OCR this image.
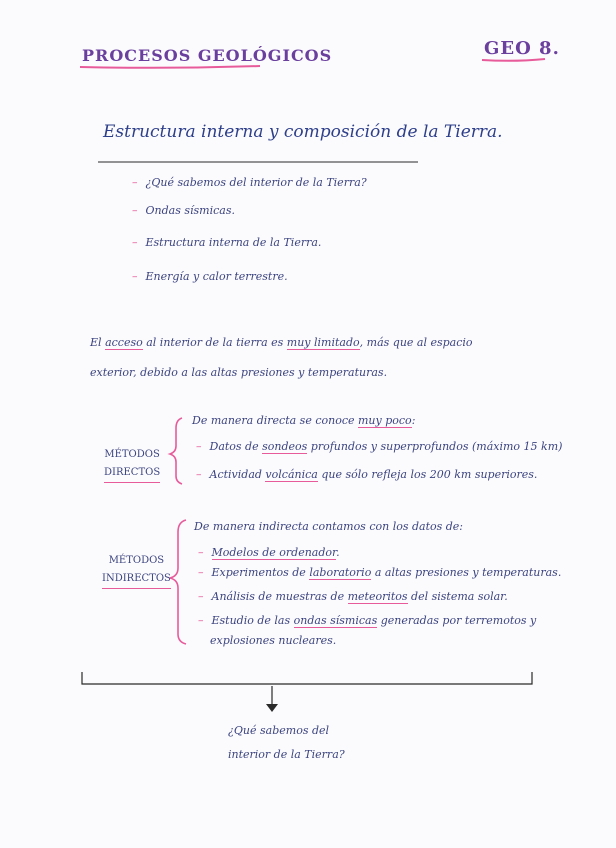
PROCESOS GEOLÓGICOS	GEO 8.
Estructura interna y composición de la Tierra.
– ¿Qué sabemos del interior de la Tierra?
– Ondas sísmicas.
– Estructura interna de la Tierra.
– Energía y calor terrestre.
El acceso al interior de la tierra es muy limitado, más que al espacio
exterior, debido a las altas presiones y temperaturas.
MÉTODOS
DIRECTOS
De manera directa se conoce muy poco:
– Datos de sondeos profundos y superprofundos (máximo 15 km)
– Actividad volcánica que sólo refleja los 200 km superiores.
MÉTODOS
INDIRECTOS
De manera indirecta contamos con los datos de:
– Modelos de ordenador.
– Experimentos de laboratorio a altas presiones y temperaturas.
– Análisis de muestras de meteoritos del sistema solar.
– Estudio de las ondas sísmicas generadas por terremotos y
explosiones nucleares.
¿Qué sabemos del
interior de la Tierra?
